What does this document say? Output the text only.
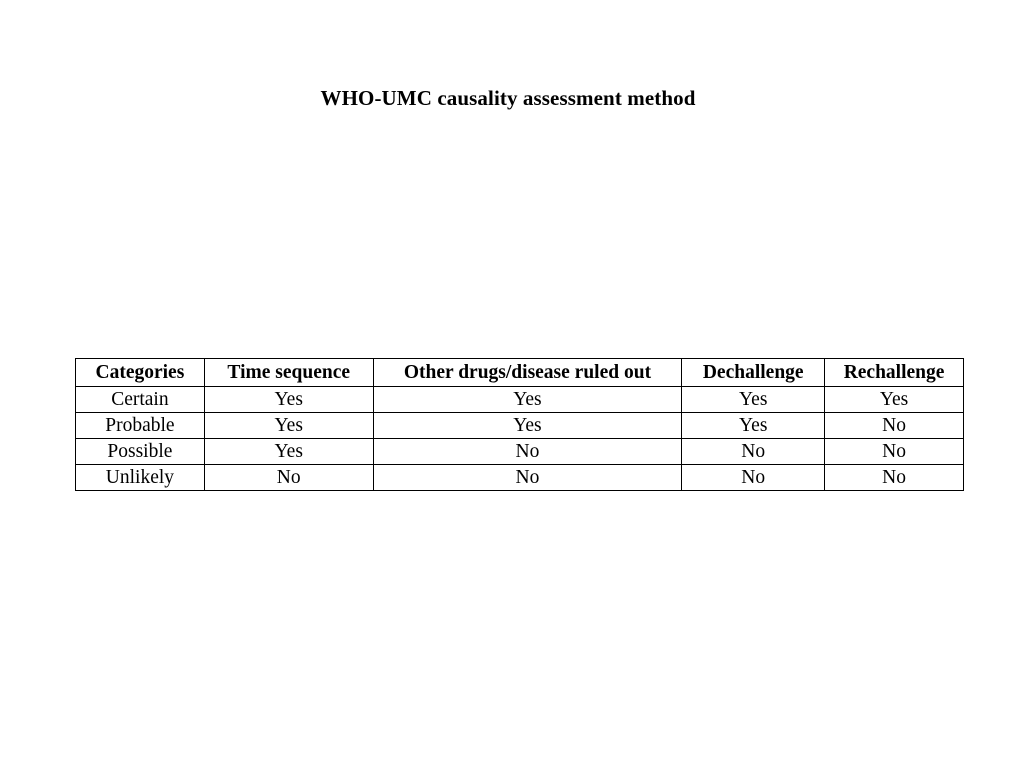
WHO-UMC causality assessment method
Categories	Time sequence	Other drugs/disease ruled out	Dechallenge	Rechallenge
Certain	Yes	Yes	Yes	Yes
Probable	Yes	Yes	Yes	No
Possible	Yes	No	No	No
Unlikely	No	No	No	No
